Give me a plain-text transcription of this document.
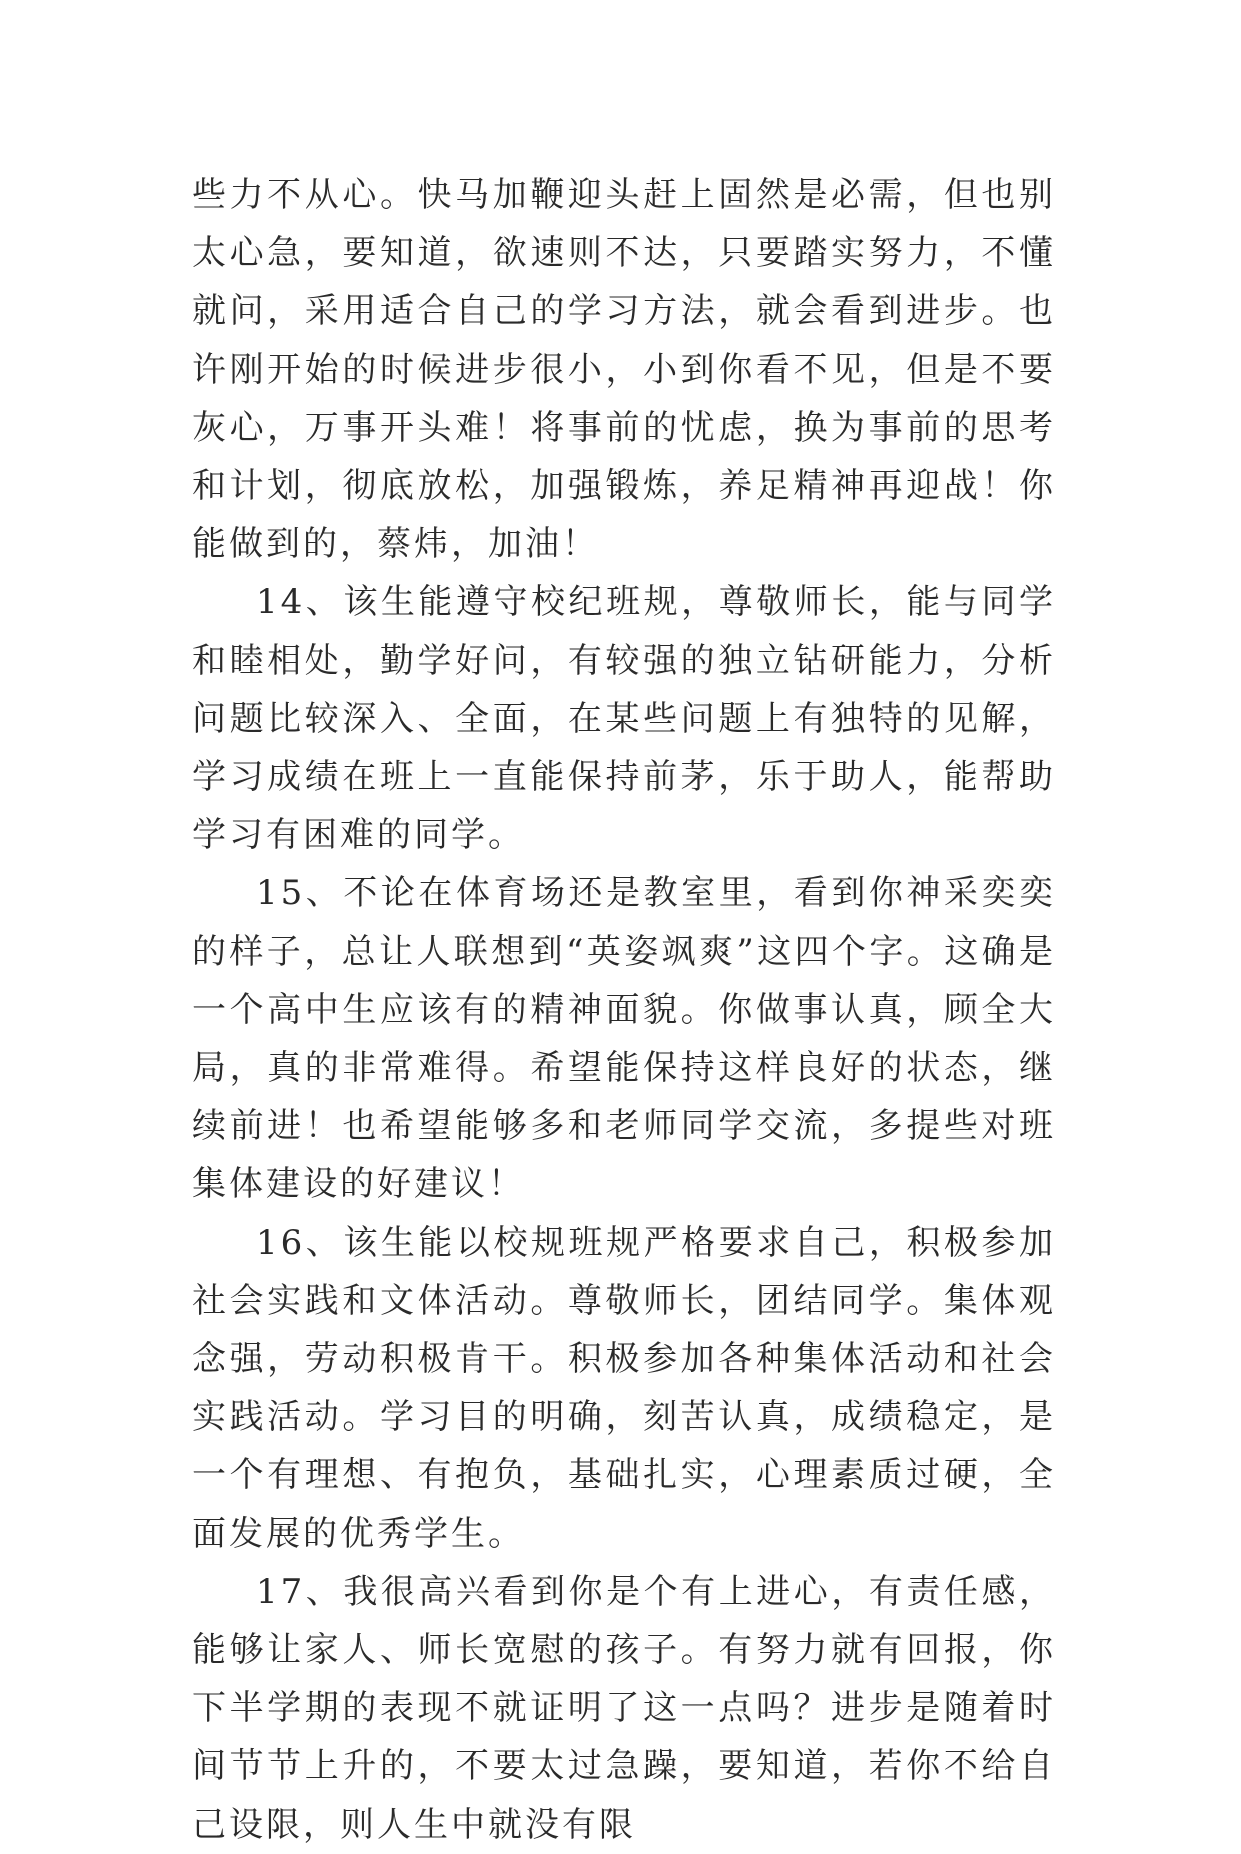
些力不从心。快马加鞭迎头赶上固然是必需，但也别太心急，要知道，欲速则不达，只要踏实努力，不懂就问，采用适合自己的学习方法，就会看到进步。也许刚开始的时候进步很小，小到你看不见，但是不要灰心，万事开头难！将事前的忧虑，换为事前的思考和计划，彻底放松，加强锻炼，养足精神再迎战！你能做到的，蔡炜，加油！

14、该生能遵守校纪班规，尊敬师长，能与同学和睦相处，勤学好问，有较强的独立钻研能力，分析问题比较深入、全面，在某些问题上有独特的见解，学习成绩在班上一直能保持前茅，乐于助人，能帮助学习有困难的同学。

15、不论在体育场还是教室里，看到你神采奕奕的样子，总让人联想到“英姿飒爽”这四个字。这确是一个高中生应该有的精神面貌。你做事认真，顾全大局，真的非常难得。希望能保持这样良好的状态，继续前进！也希望能够多和老师同学交流，多提些对班集体建设的好建议！

16、该生能以校规班规严格要求自己，积极参加社会实践和文体活动。尊敬师长，团结同学。集体观念强，劳动积极肯干。积极参加各种集体活动和社会实践活动。学习目的明确，刻苦认真，成绩稳定，是一个有理想、有抱负，基础扎实，心理素质过硬，全面发展的优秀学生。

17、我很高兴看到你是个有上进心，有责任感，能够让家人、师长宽慰的孩子。有努力就有回报，你下半学期的表现不就证明了这一点吗？进步是随着时间节节上升的，不要太过急躁，要知道，若你不给自己设限，则人生中就没有限
